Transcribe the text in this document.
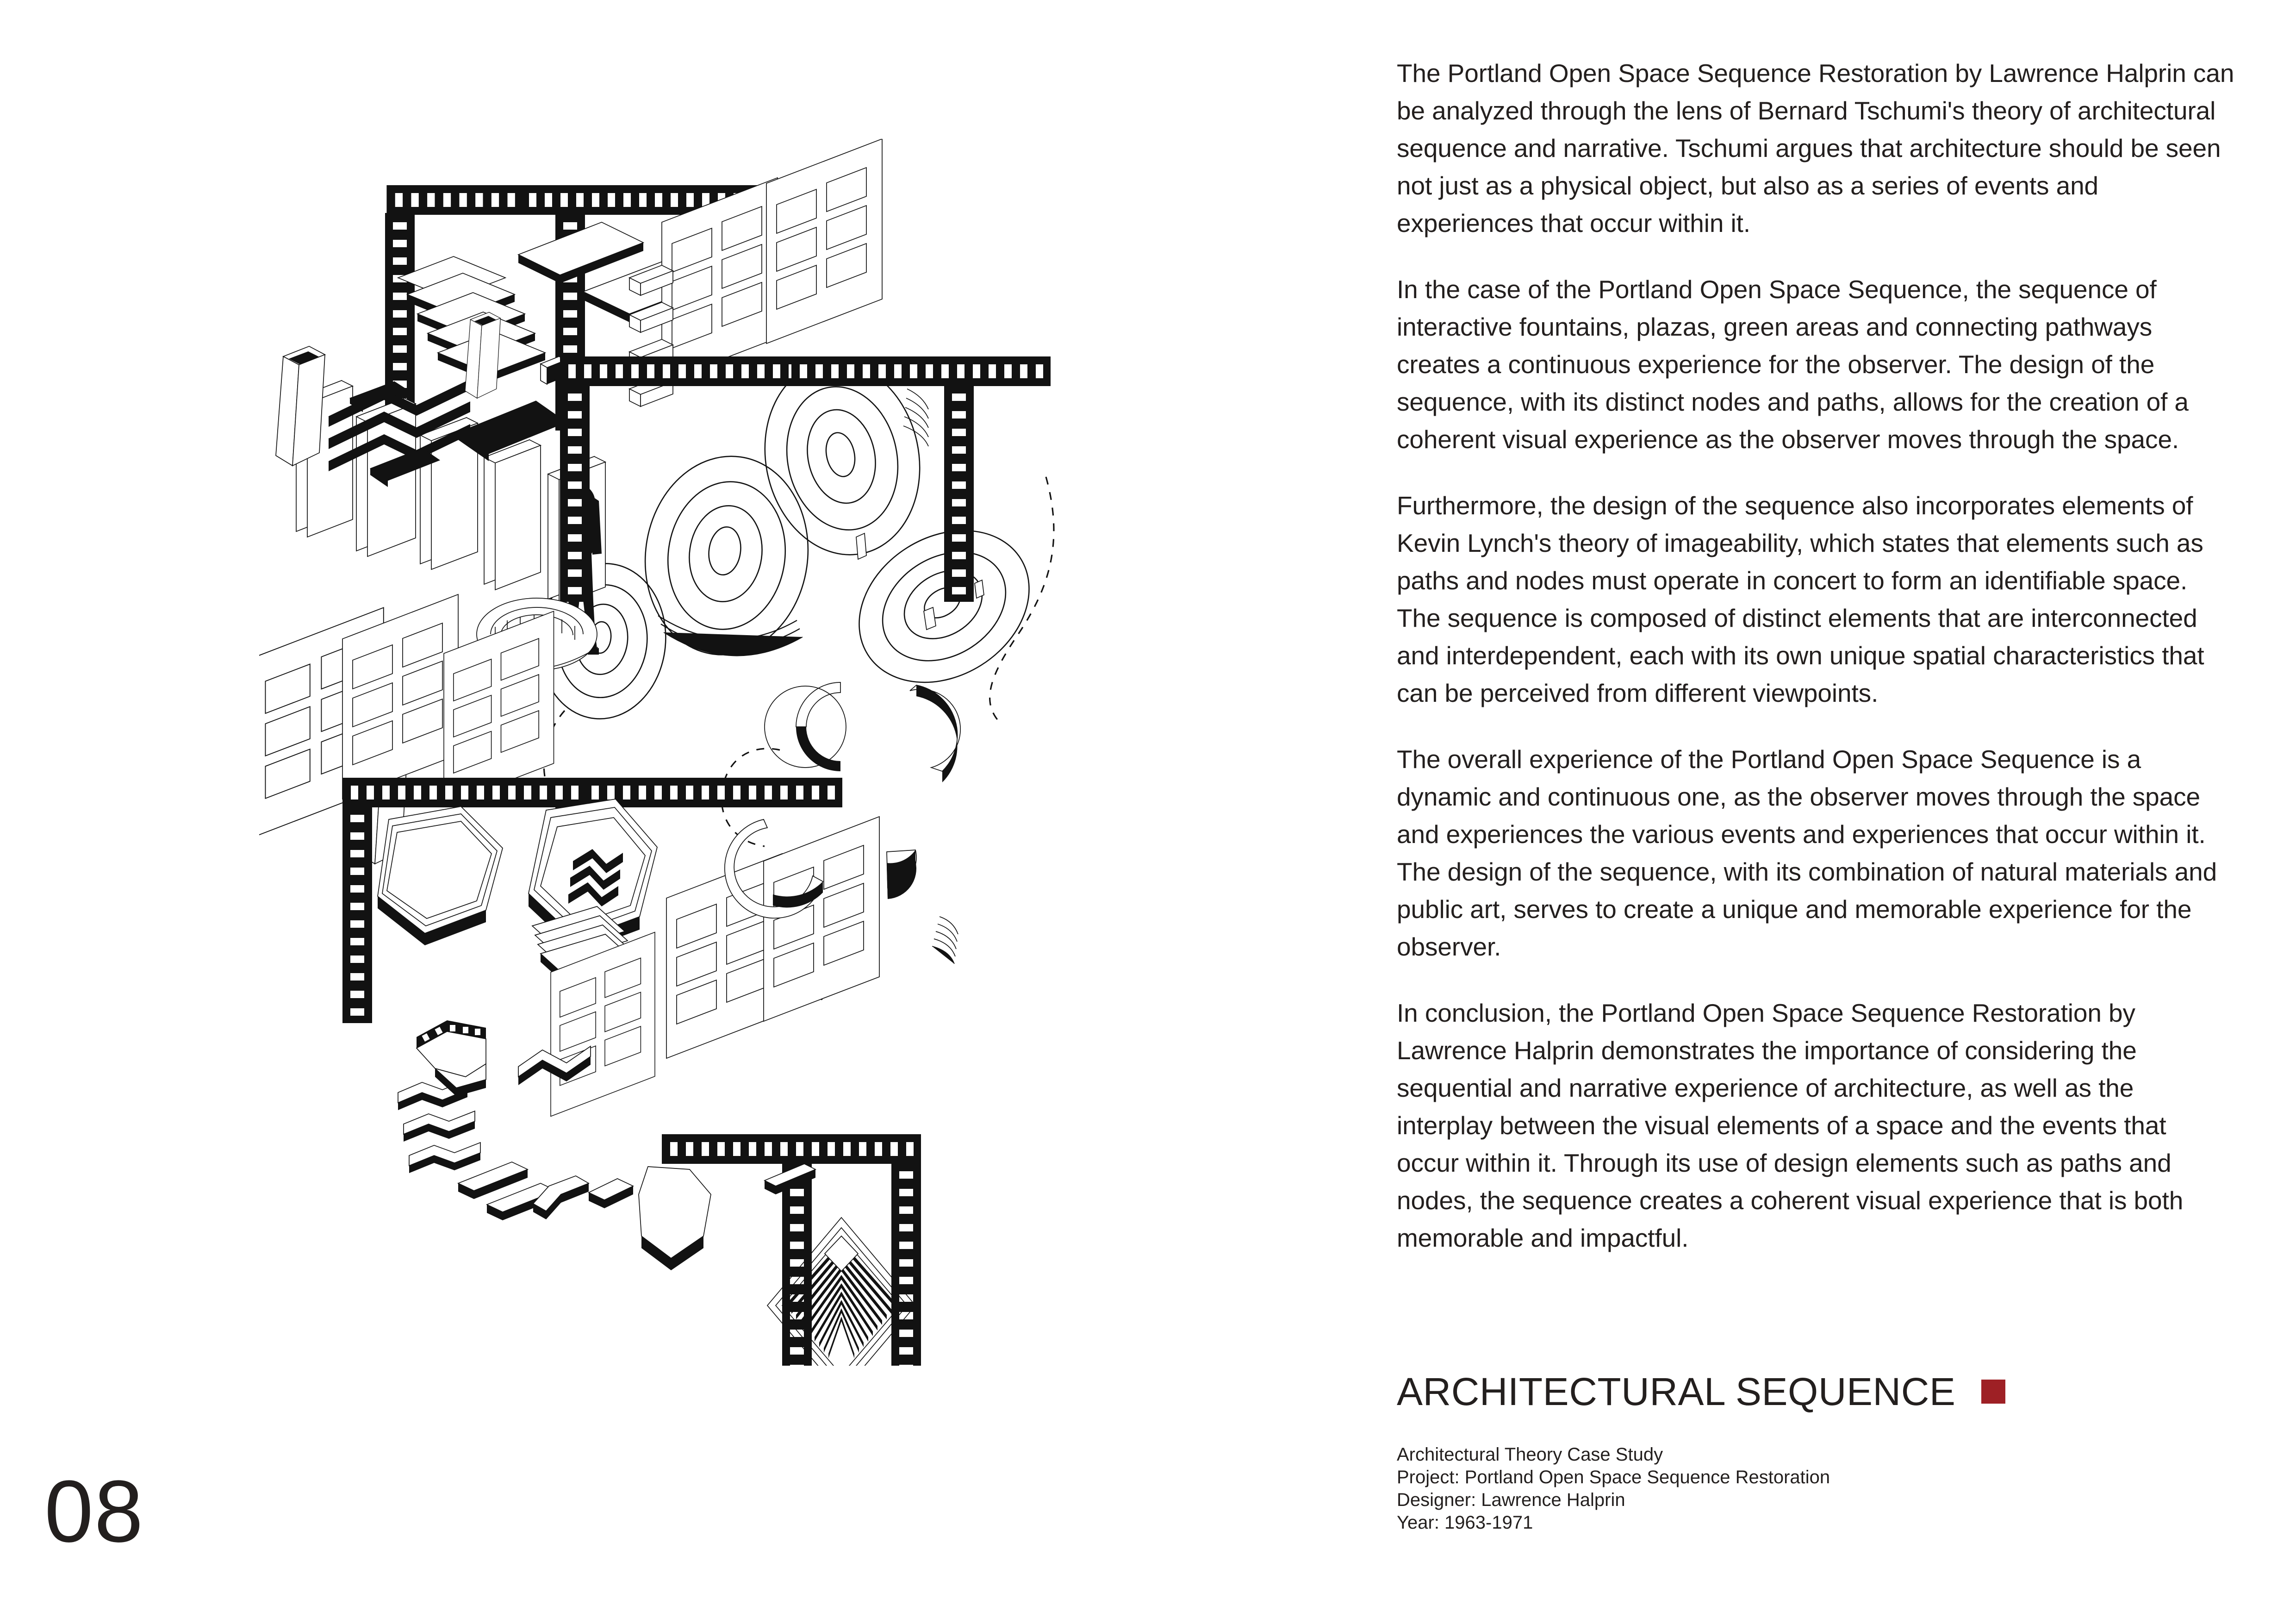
The Portland Open Space Sequence Restoration by Lawrence Halprin can be analyzed through the lens of Bernard Tschumi's theory of architectural sequence and narrative. Tschumi argues that architecture should be seen not just as a physical object, but also as a series of events and experiences that occur within it.

In the case of the Portland Open Space Sequence, the sequence of interactive fountains, plazas, green areas and connecting pathways creates a continuous experience for the observer. The design of the sequence, with its distinct nodes and paths, allows for the creation of a coherent visual experience as the observer moves through the space.

Furthermore, the design of the sequence also incorporates elements of Kevin Lynch's theory of imageability, which states that elements such as paths and nodes must operate in concert to form an identifiable space. The sequence is composed of distinct elements that are interconnected and interdependent, each with its own unique spatial characteristics that can be perceived from different viewpoints.

The overall experience of the Portland Open Space Sequence is a dynamic and continuous one, as the observer moves through the space and experiences the various events and experiences that occur within it. The design of the sequence, with its combination of natural materials and public art, serves to create a unique and memorable experience for the observer.

In conclusion, the Portland Open Space Sequence Restoration by Lawrence Halprin demonstrates the importance of considering the sequential and narrative experience of architecture, as well as the interplay between the visual elements of a space and the events that occur within it. Through its use of design elements such as paths and nodes, the sequence creates a coherent visual experience that is both memorable and impactful.

ARCHITECTURAL SEQUENCE
Architectural Theory Case Study
Project: Portland Open Space Sequence Restoration
Designer: Lawrence Halprin
Year: 1963-1971
08
